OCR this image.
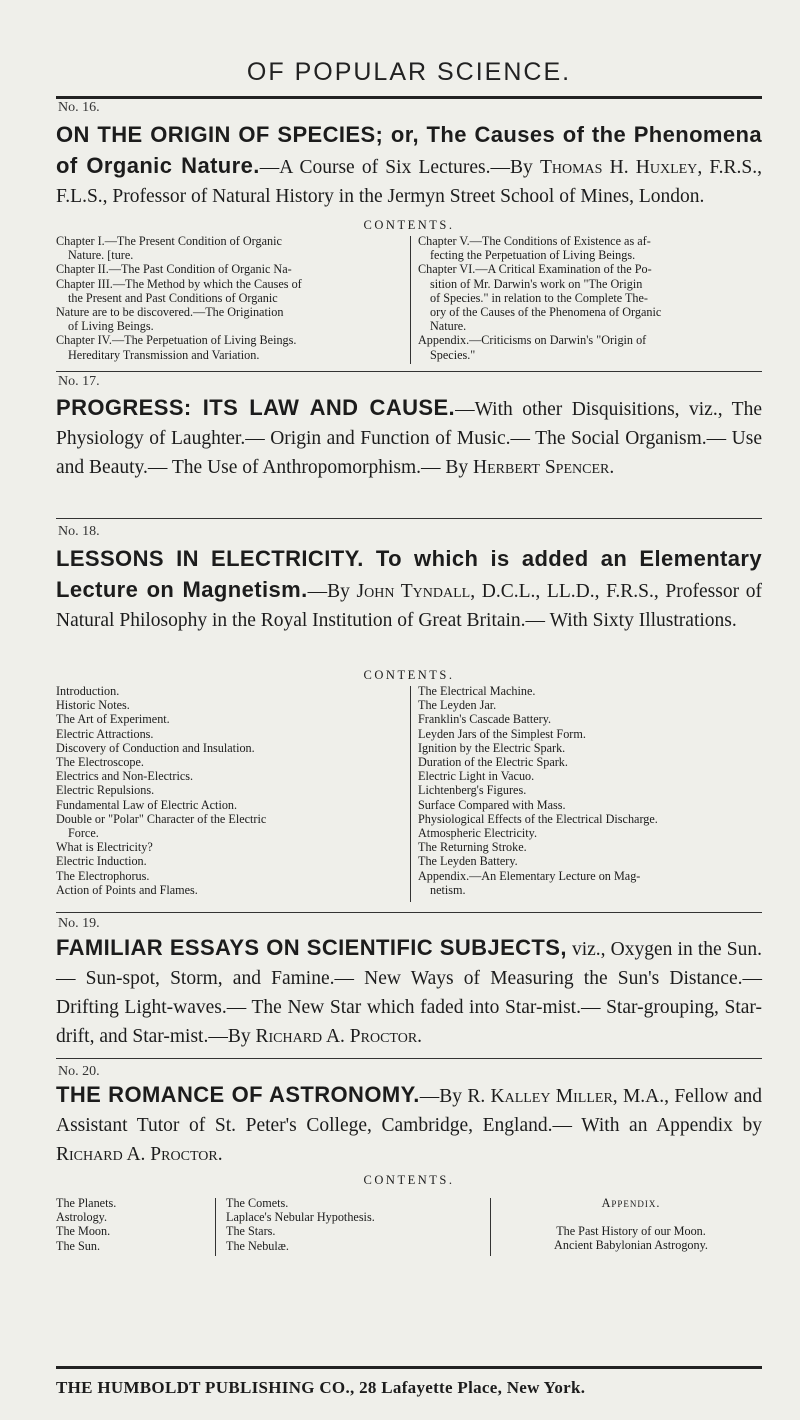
OF POPULAR SCIENCE.
No. 16.

ON THE ORIGIN OF SPECIES; or, The Causes of the Phenomena of Organic Nature.—A Course of Six Lectures.—By Thomas H. Huxley, F.R.S., F.L.S., Professor of Natural History in the Jermyn Street School of Mines, London.

CONTENTS.
Chapter I.—The Present Condition of Organic
Nature. [ture.
Chapter II.—The Past Condition of Organic Na-
Chapter III.—The Method by which the Causes of
the Present and Past Conditions of Organic
Nature are to be discovered.—The Origination
of Living Beings.
Chapter IV.—The Perpetuation of Living Beings.
Hereditary Transmission and Variation.
Chapter V.—The Conditions of Existence as af-
fecting the Perpetuation of Living Beings.
Chapter VI.—A Critical Examination of the Po-
sition of Mr. Darwin's work on "The Origin
of Species." in relation to the Complete The-
ory of the Causes of the Phenomena of Organic
Nature.
Appendix.—Criticisms on Darwin's "Origin of
Species."
No. 17.

PROGRESS: ITS LAW AND CAUSE.—With other Disquisitions, viz., The Physiology of Laughter.— Origin and Function of Music.— The Social Organism.— Use and Beauty.— The Use of Anthropomorphism.— By Herbert Spencer.

No. 18.

LESSONS IN ELECTRICITY. To which is added an Elementary Lecture on Magnetism.—By John Tyndall, D.C.L., LL.D., F.R.S., Professor of Natural Philosophy in the Royal Institution of Great Britain.— With Sixty Illustrations.

CONTENTS.
Introduction.
Historic Notes.
The Art of Experiment.
Electric Attractions.
Discovery of Conduction and Insulation.
The Electroscope.
Electrics and Non-Electrics.
Electric Repulsions.
Fundamental Law of Electric Action.
Double or "Polar" Character of the Electric
Force.
What is Electricity?
Electric Induction.
The Electrophorus.
Action of Points and Flames.
The Electrical Machine.
The Leyden Jar.
Franklin's Cascade Battery.
Leyden Jars of the Simplest Form.
Ignition by the Electric Spark.
Duration of the Electric Spark.
Electric Light in Vacuo.
Lichtenberg's Figures.
Surface Compared with Mass.
Physiological Effects of the Electrical Discharge.
Atmospheric Electricity.
The Returning Stroke.
The Leyden Battery.
Appendix.—An Elementary Lecture on Mag-
netism.
No. 19.

FAMILIAR ESSAYS ON SCIENTIFIC SUBJECTS, viz., Oxygen in the Sun.— Sun-spot, Storm, and Famine.— New Ways of Measuring the Sun's Distance.— Drifting Light-waves.— The New Star which faded into Star-mist.— Star-grouping, Star-drift, and Star-mist.—By Richard A. Proctor.

No. 20.

THE ROMANCE OF ASTRONOMY.—By R. Kalley Miller, M.A., Fellow and Assistant Tutor of St. Peter's College, Cambridge, England.— With an Appendix by Richard A. Proctor.

CONTENTS.
The Planets.
Astrology.
The Moon.
The Sun.
The Comets.
Laplace's Nebular Hypothesis.
The Stars.
The Nebulæ.
Appendix.
The Past History of our Moon.
Ancient Babylonian Astrogony.
THE HUMBOLDT PUBLISHING CO., 28 Lafayette Place, New York.
